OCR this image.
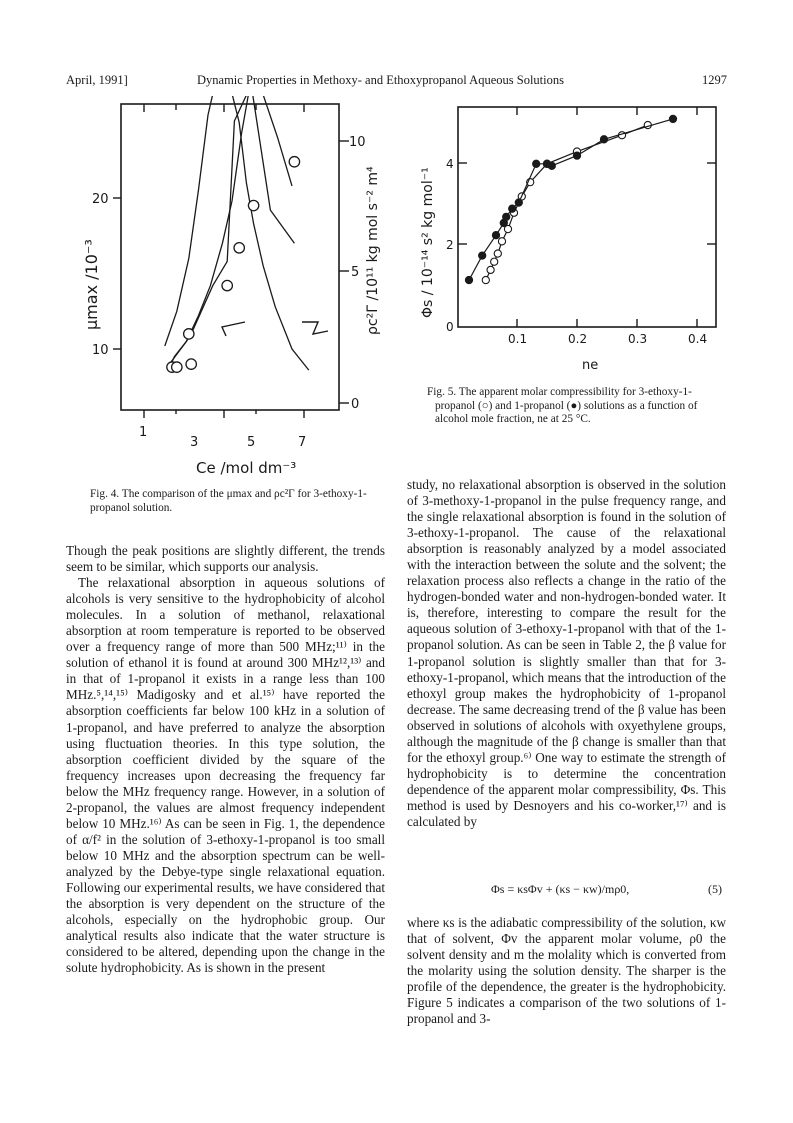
April, 1991]	Dynamic Properties in Methoxy- and Ethoxypropanol Aqueous Solutions	1297
20
10
10
5
0
1
3	5	7
μmax /10⁻³	ρc²Γ /10¹¹ kg mol s⁻² m⁴
Ce /mol dm⁻³
Fig. 4. The comparison of the μmax and ρc²Γ for 3-ethoxy-1-propanol solution.
0
2
4
0.1	0.2	0.3	0.4
Φs / 10⁻¹⁴ s² kg mol⁻¹
ne
Fig. 5. The apparent molar compressibility for 3-ethoxy-1-propanol (○) and 1-propanol (●) solutions as a function of alcohol mole fraction, ne at 25 °C.

Though the peak positions are slightly different, the trends seem to be similar, which supports our analysis.

The relaxational absorption in aqueous solutions of alcohols is very sensitive to the hydrophobicity of alcohol molecules. In a solution of methanol, relaxational absorption at room temperature is reported to be observed over a frequency range of more than 500 MHz;¹¹⁾ in the solution of ethanol it is found at around 300 MHz¹²,¹³⁾ and in that of 1-propanol it exists in a range less than 100 MHz.⁵,¹⁴,¹⁵⁾ Madigosky and et al.¹⁵⁾ have reported the absorption coefficients far below 100 kHz in a solution of 1-propanol, and have preferred to analyze the absorption using fluctuation theories. In this type solution, the absorption coefficient divided by the square of the frequency increases upon decreasing the frequency far below the MHz frequency range. However, in a solution of 2-propanol, the values are almost frequency independent below 10 MHz.¹⁶⁾ As can be seen in Fig. 1, the dependence of α/f² in the solution of 3-ethoxy-1-propanol is too small below 10 MHz and the absorption spectrum can be well-analyzed by the Debye-type single relaxational equation. Following our experimental results, we have considered that the absorption is very dependent on the structure of the alcohols, especially on the hydrophobic group. Our analytical results also indicate that the water structure is considered to be altered, depending upon the change in the solute hydrophobicity. As is shown in the present

study, no relaxational absorption is observed in the solution of 3-methoxy-1-propanol in the pulse frequency range, and the single relaxational absorption is found in the solution of 3-ethoxy-1-propanol. The cause of the relaxational absorption is reasonably analyzed by a model associated with the interaction between the solute and the solvent; the relaxation process also reflects a change in the ratio of the hydrogen-bonded water and non-hydrogen-bonded water. It is, therefore, interesting to compare the result for the aqueous solution of 3-ethoxy-1-propanol with that of the 1-propanol solution. As can be seen in Table 2, the β value for 1-propanol solution is slightly smaller than that for 3-ethoxy-1-propanol, which means that the introduction of the ethoxyl group makes the hydrophobicity of 1-propanol decrease. The same decreasing trend of the β value has been observed in solutions of alcohols with oxyethylene groups, although the magnitude of the β change is smaller than that for the ethoxyl group.⁶⁾ One way to estimate the strength of hydrophobicity is to determine the concentration dependence of the apparent molar compressibility, Φs. This method is used by Desnoyers and his co-worker,¹⁷⁾ and is calculated by

Φs = κsΦv + (κs − κw)/mρ0,	(5)

where κs is the adiabatic compressibility of the solution, κw that of solvent, Φv the apparent molar volume, ρ0 the solvent density and m the molality which is converted from the molarity using the solution density. The sharper is the profile of the dependence, the greater is the hydrophobicity. Figure 5 indicates a comparison of the two solutions of 1-propanol and 3-
